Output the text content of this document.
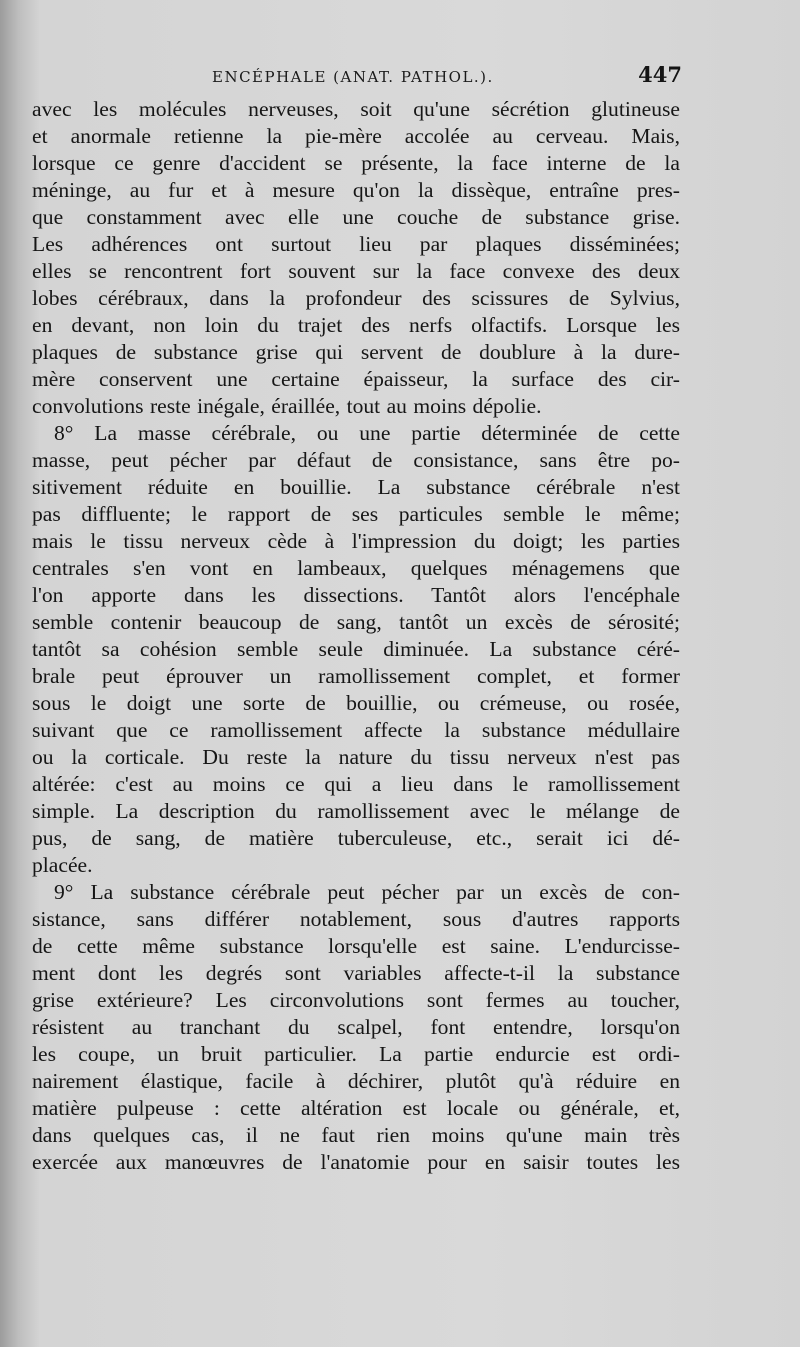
ENCÉPHALE (ANAT. PATHOL.).	447

avec les molécules nerveuses, soit qu'une sécrétion glutineuse
et anormale retienne la pie-mère accolée au cerveau. Mais,
lorsque ce genre d'accident se présente, la face interne de la
méninge, au fur et à mesure qu'on la dissèque, entraîne pres-
que constamment avec elle une couche de substance grise.
Les adhérences ont surtout lieu par plaques disséminées;
elles se rencontrent fort souvent sur la face convexe des deux
lobes cérébraux, dans la profondeur des scissures de Sylvius,
en devant, non loin du trajet des nerfs olfactifs. Lorsque les
plaques de substance grise qui servent de doublure à la dure-
mère conservent une certaine épaisseur, la surface des cir-
convolutions reste inégale, éraillée, tout au moins dépolie.

8° La masse cérébrale, ou une partie déterminée de cette
masse, peut pécher par défaut de consistance, sans être po-
sitivement réduite en bouillie. La substance cérébrale n'est
pas diffluente; le rapport de ses particules semble le même;
mais le tissu nerveux cède à l'impression du doigt; les parties
centrales s'en vont en lambeaux, quelques ménagemens que
l'on apporte dans les dissections. Tantôt alors l'encéphale
semble contenir beaucoup de sang, tantôt un excès de sérosité;
tantôt sa cohésion semble seule diminuée. La substance céré-
brale peut éprouver un ramollissement complet, et former
sous le doigt une sorte de bouillie, ou crémeuse, ou rosée,
suivant que ce ramollissement affecte la substance médullaire
ou la corticale. Du reste la nature du tissu nerveux n'est pas
altérée: c'est au moins ce qui a lieu dans le ramollissement
simple. La description du ramollissement avec le mélange de
pus, de sang, de matière tuberculeuse, etc., serait ici dé-
placée.

9° La substance cérébrale peut pécher par un excès de con-
sistance, sans différer notablement, sous d'autres rapports
de cette même substance lorsqu'elle est saine. L'endurcisse-
ment dont les degrés sont variables affecte-t-il la substance
grise extérieure? Les circonvolutions sont fermes au toucher,
résistent au tranchant du scalpel, font entendre, lorsqu'on
les coupe, un bruit particulier. La partie endurcie est ordi-
nairement élastique, facile à déchirer, plutôt qu'à réduire en
matière pulpeuse : cette altération est locale ou générale, et,
dans quelques cas, il ne faut rien moins qu'une main très
exercée aux manœuvres de l'anatomie pour en saisir toutes les
